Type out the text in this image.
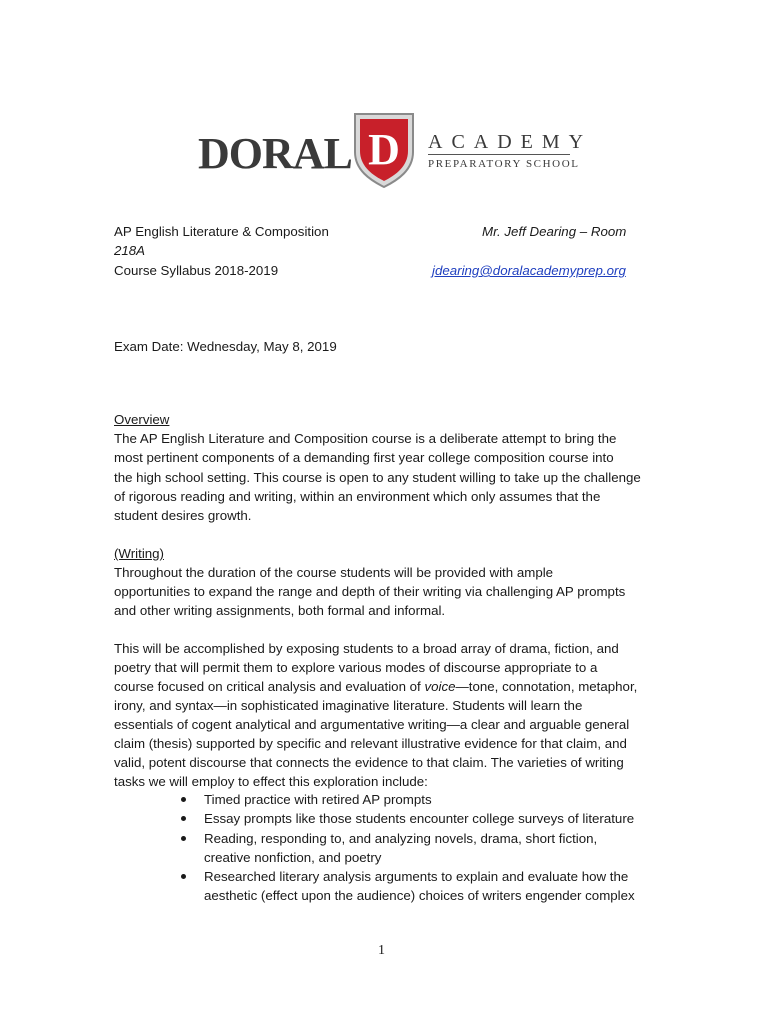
DORAL D ACADEMY
PREPARATORY SCHOOL
AP English Literature & Composition	Mr. Jeff Dearing – Room
218A
Course Syllabus 2018-2019	jdearing@doralacademyprep.org
Exam Date: Wednesday, May 8, 2019
Overview
The AP English Literature and Composition course is a deliberate attempt to bring the
most pertinent components of a demanding first year college composition course into
the high school setting. This course is open to any student willing to take up the challenge
of rigorous reading and writing, within an environment which only assumes that the
student desires growth.
(Writing)
Throughout the duration of the course students will be provided with ample
opportunities to expand the range and depth of their writing via challenging AP prompts
and other writing assignments, both formal and informal.
This will be accomplished by exposing students to a broad array of drama, fiction, and
poetry that will permit them to explore various modes of discourse appropriate to a
course focused on critical analysis and evaluation of voice—tone, connotation, metaphor,
irony, and syntax—in sophisticated imaginative literature. Students will learn the
essentials of cogent analytical and argumentative writing—a clear and arguable general
claim (thesis) supported by specific and relevant illustrative evidence for that claim, and
valid, potent discourse that connects the evidence to that claim. The varieties of writing
tasks we will employ to effect this exploration include:
Timed practice with retired AP prompts
Essay prompts like those students encounter college surveys of literature
Reading, responding to, and analyzing novels, drama, short fiction,
creative nonfiction, and poetry
Researched literary analysis arguments to explain and evaluate how the
aesthetic (effect upon the audience) choices of writers engender complex
1
